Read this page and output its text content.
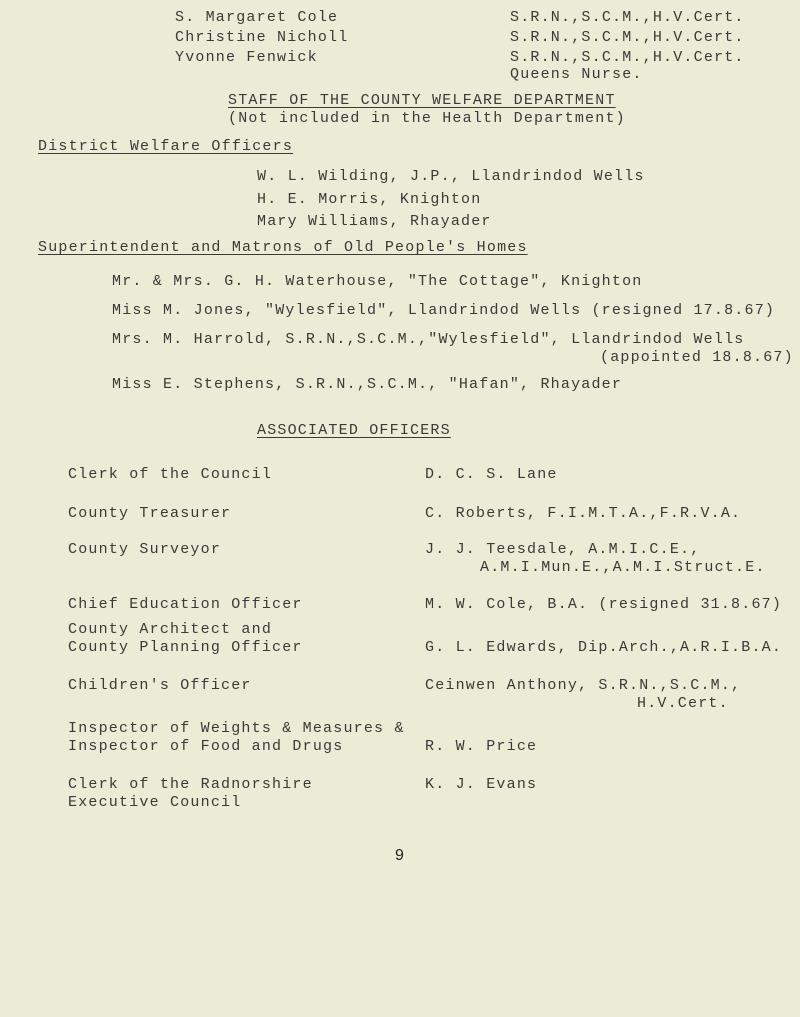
S. Margaret Cole	S.R.N.,S.C.M.,H.V.Cert.
Christine Nicholl	S.R.N.,S.C.M.,H.V.Cert.
Yvonne Fenwick	S.R.N.,S.C.M.,H.V.Cert.
Queens Nurse.
STAFF OF THE COUNTY WELFARE DEPARTMENT
(Not included in the Health Department)
District Welfare Officers
W. L. Wilding, J.P., Llandrindod Wells
H. E. Morris, Knighton
Mary Williams, Rhayader
Superintendent and Matrons of Old People's Homes
Mr. & Mrs. G. H. Waterhouse, "The Cottage", Knighton
Miss M. Jones, "Wylesfield", Llandrindod Wells (resigned 17.8.67)
Mrs. M. Harrold, S.R.N.,S.C.M.,"Wylesfield", Llandrindod Wells
(appointed 18.8.67)
Miss E. Stephens, S.R.N.,S.C.M., "Hafan", Rhayader
ASSOCIATED OFFICERS
Clerk of the Council	D. C. S. Lane
County Treasurer	C. Roberts, F.I.M.T.A.,F.R.V.A.
County Surveyor	J. J. Teesdale, A.M.I.C.E.,
A.M.I.Mun.E.,A.M.I.Struct.E.
Chief Education Officer	M. W. Cole, B.A. (resigned 31.8.67)
County Architect and
County Planning Officer	G. L. Edwards, Dip.Arch.,A.R.I.B.A.
Children's Officer	Ceinwen Anthony, S.R.N.,S.C.M.,
H.V.Cert.
Inspector of Weights & Measures &
Inspector of Food and Drugs	R. W. Price
Clerk of the Radnorshire
Executive Council
K. J. Evans
9
